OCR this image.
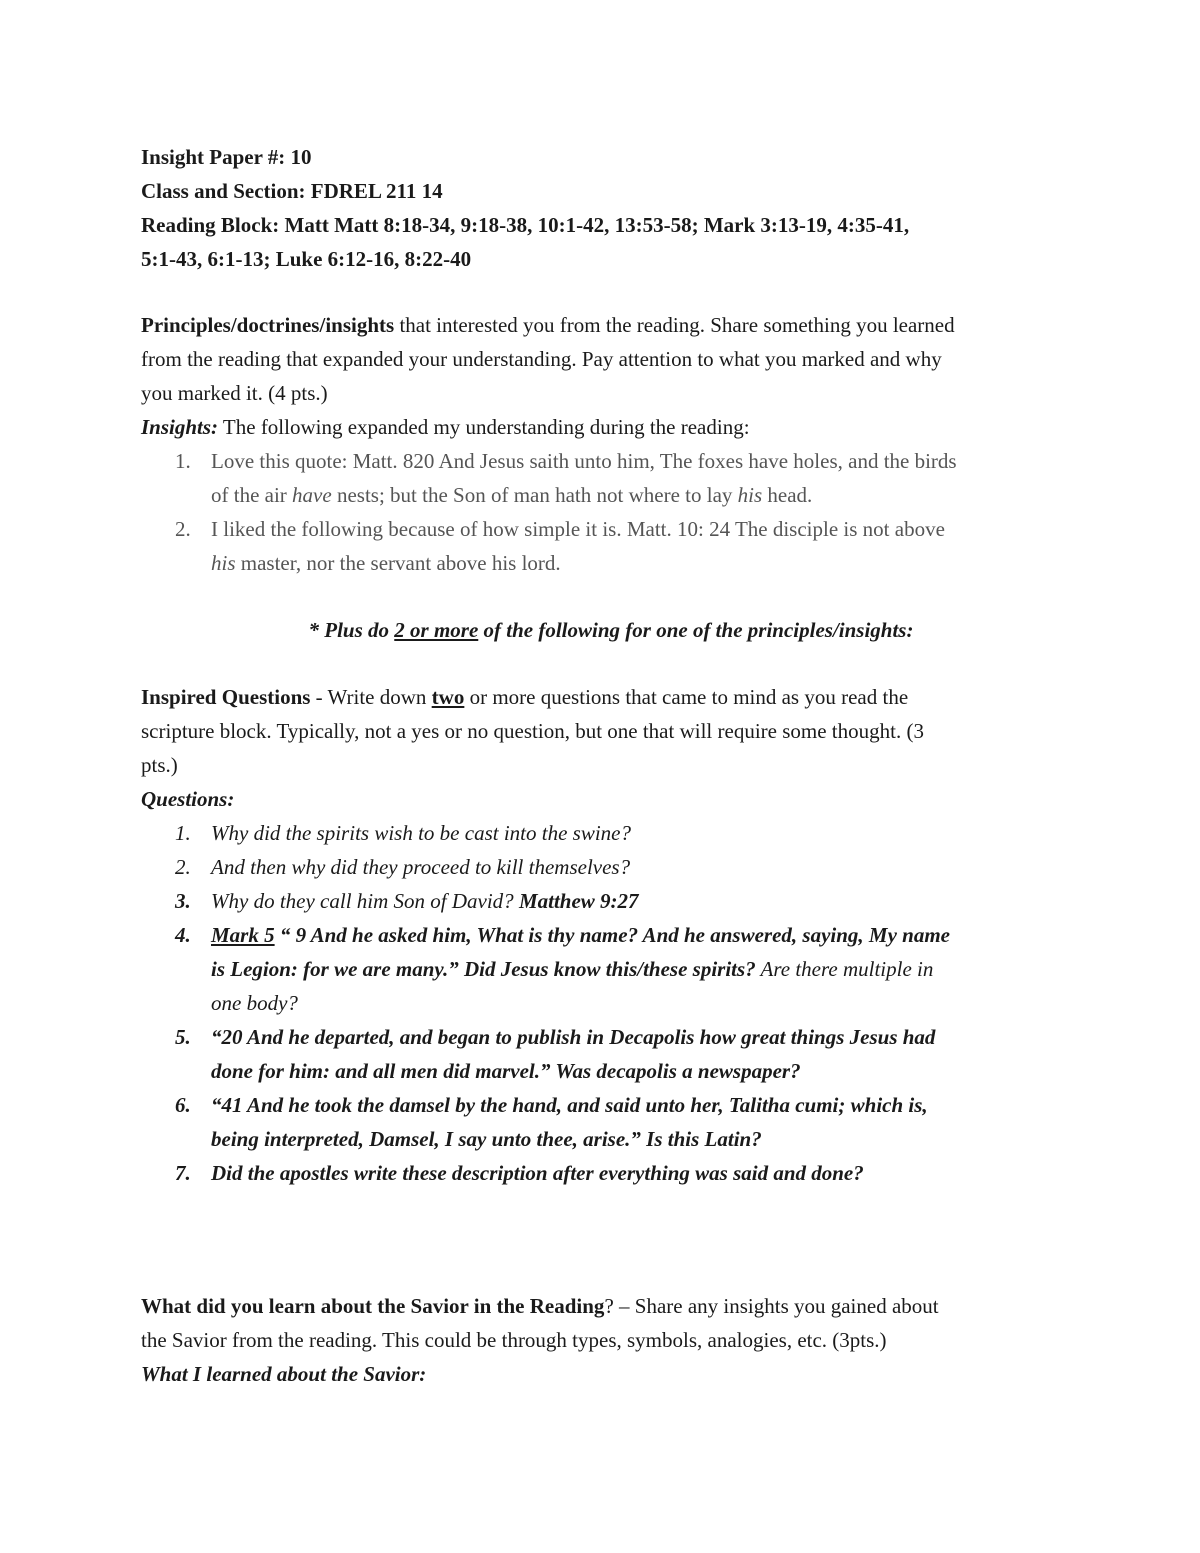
Insight Paper #: 10
Class and Section: FDREL 211 14
Reading Block: Matt Matt 8:18-34, 9:18-38, 10:1-42, 13:53-58; Mark 3:13-19, 4:35-41,
5:1-43, 6:1-13; Luke 6:12-16, 8:22-40
Principles/doctrines/insights that interested you from the reading. Share something you learned
from the reading that expanded your understanding. Pay attention to what you marked and why
you marked it. (4 pts.)
Insights: The following expanded my understanding during the reading:
1. Love this quote: Matt. 820 And Jesus saith unto him, The foxes have holes, and the birds
of the air have nests; but the Son of man hath not where to lay his head.
2. I liked the following because of how simple it is. Matt. 10: 24 The disciple is not above
his master, nor the servant above his lord.
* Plus do 2 or more of the following for one of the principles/insights:
Inspired Questions - Write down two or more questions that came to mind as you read the
scripture block. Typically, not a yes or no question, but one that will require some thought. (3
pts.)
Questions:
1. Why did the spirits wish to be cast into the swine?
2. And then why did they proceed to kill themselves?
3. Why do they call him Son of David? Matthew 9:27
4. Mark 5 “ 9 And he asked him, What is thy name? And he answered, saying, My name
is Legion: for we are many.” Did Jesus know this/these spirits? Are there multiple in
one body?
5. “20 And he departed, and began to publish in Decapolis how great things Jesus had
done for him: and all men did marvel.” Was decapolis a newspaper?
6. “41 And he took the damsel by the hand, and said unto her, Talitha cumi; which is,
being interpreted, Damsel, I say unto thee, arise.” Is this Latin?
7. Did the apostles write these description after everything was said and done?
What did you learn about the Savior in the Reading? – Share any insights you gained about
the Savior from the reading. This could be through types, symbols, analogies, etc. (3pts.)
What I learned about the Savior:
